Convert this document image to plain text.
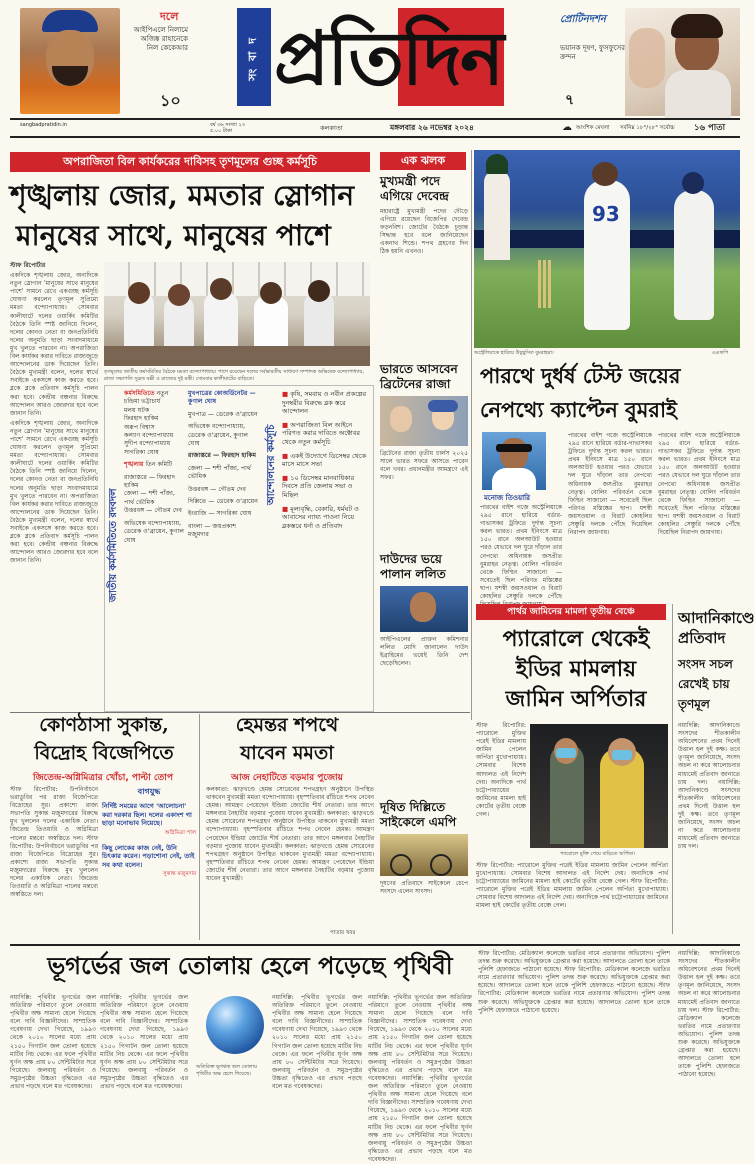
দলে
আইপিএলে নিলামে অজিঙ্ক রাহানেকে নিল কেকেআর
১০
সং বা দ প্রতিদিন	প্রোটিনদশন
ভয়ানক দূষণ, ফুসফুসের ক্রন্দন
৭
sangbadpratidin.in	বর্ষ ৩৬ সংখ্যা ২৩
৫.০০ টাকা	কলকাতা	মঙ্গলবার ২৬ নভেম্বর ২০২৪	☁ আংশিক মেঘলা সর্বনিম্ন ১৮°/২৮° সর্বোচ্চ ১৬ পাতা
অপরাজিতা বিল কার্যকরের দাবিসহ তৃণমূলের গুচ্ছ কর্মসূচি
শৃঙ্খলায় জোর, মমতার স্লোগান
মানুষের সাথে, মানুষের পাশে

স্টাফ রিপোর্টার

একদিকে শৃঙ্খলায় জোর, অন্যদিকে নতুন স্লোগান 'মানুষের সাথে মানুষের পাশে' সামনে রেখে একগুচ্ছ কর্মসূচি ঘোষণা করলেন তৃণমূল সুপ্রিমো মমতা বন্দ্যোপাধ্যায়। সোমবার কালীঘাটে দলের ওয়ার্কিং কমিটির বৈঠকে তিনি স্পষ্ট জানিয়ে দিলেন, দলের কোনও নেতা বা জনপ্রতিনিধি দলের অনুমতি ছাড়া সংবাদমাধ্যমে মুখ খুলতে পারবেন না। অপরাজিতা বিল কার্যকর করার দাবিতে রাজ্যজুড়ে আন্দোলনের ডাক দিয়েছেন তিনি। বৈঠকে মুখ্যমন্ত্রী বলেন, দলের স্বার্থে সবাইকে একসঙ্গে কাজ করতে হবে। ব্লকে ব্লকে প্রতিবাদ কর্মসূচি পালন করা হবে। কেন্দ্রীয় বঞ্চনার বিরুদ্ধে আন্দোলন আরও জোরদার হবে বলে জানান তিনি।

একদিকে শৃঙ্খলায় জোর, অন্যদিকে নতুন স্লোগান 'মানুষের সাথে মানুষের পাশে' সামনে রেখে একগুচ্ছ কর্মসূচি ঘোষণা করলেন তৃণমূল সুপ্রিমো মমতা বন্দ্যোপাধ্যায়। সোমবার কালীঘাটে দলের ওয়ার্কিং কমিটির বৈঠকে তিনি স্পষ্ট জানিয়ে দিলেন, দলের কোনও নেতা বা জনপ্রতিনিধি দলের অনুমতি ছাড়া সংবাদমাধ্যমে মুখ খুলতে পারবেন না। অপরাজিতা বিল কার্যকর করার দাবিতে রাজ্যজুড়ে আন্দোলনের ডাক দিয়েছেন তিনি। বৈঠকে মুখ্যমন্ত্রী বলেন, দলের স্বার্থে সবাইকে একসঙ্গে কাজ করতে হবে। ব্লকে ব্লকে প্রতিবাদ কর্মসূচি পালন করা হবে। কেন্দ্রীয় বঞ্চনার বিরুদ্ধে আন্দোলন আরও জোরদার হবে বলে জানান তিনি।

তৃণমূলের জাতীয় কর্মসমিতির বৈঠকে মমতা বন্দ্যোপাধ্যায়। পাশে রয়েছেন দলের সর্বভারতীয় সাধারণ সম্পাদক অভিষেক বন্দ্যোপাধ্যায়, রাজ্য সভাপতি সুব্রত বক্সী ও রাজ্যের দুই মন্ত্রী। সোমবার কালীঘাটের বাড়িতে।
জাতীয় কর্মসমিতিতে রদবদল
কর্মসমিতিতে নতুন
চন্দ্রিমা ভট্টাচার্য
মলয় ঘটক
ফিরহাদ হাকিম
অরূপ বিশ্বাস
কল্যাণ বন্দ্যোপাধ্যায়
সুদীপ বন্দ্যোপাধ্যায়
সাগরিকা ঘোষ
শৃঙ্খলায় তিন কমিটি
রাজ্যস্তরে — ফিরহাদ হাকিম
জেলা — শশী পাঁজা, পার্থ ভৌমিক
উত্তরবঙ্গ — গৌতম দেব
অভিষেক বন্দ্যোপাধ্যায়, ডেরেক ও'ব্রায়েন, কুণাল ঘোষ
মুখপাত্রের কোঅর্ডিনেটর — কুণাল ঘোষ
মুখপাত্র — ডেরেক ও'ব্রায়েন
অভিষেক বন্দ্যোপাধ্যায়, ডেরেক ও'ব্রায়েন, কুণাল ঘোষ
রাজ্যস্তরে — ফিরহাদ হাকিম
জেলা — শশী পাঁজা, পার্থ ভৌমিক
উত্তরবঙ্গ — গৌতম দেব
দিল্লিতে — ডেরেক ও'ব্রায়েন
ইংরাজি — সাগরিকা ঘোষ
বাংলা — জয়প্রকাশ মজুমদার
আন্দোলনের কর্মসূচি
■ কৃষি, সমবায় ও নবীন প্রকল্পের দুনম্বরীর বিরুদ্ধে ব্লক স্তরে আন্দোলন
■ অপরাজিতা বিল আইনে পরিণত করার দাবিতে অক্টোবর থেকে নতুন কর্মসূচি
■ একই উদ্যোগে ডিসেম্বর থেকে মাসে মাসে সভা
■ ১০ ডিসেম্বর মানবাধিকার দিবসে প্রতি জেলায় সভা ও মিছিল
■ মূল্যবৃদ্ধি, বেকারি, ধর্মঘট ও আবাসের ন্যায্য পাওনা নিয়ে ব্লকস্তরে ধর্না ও প্রতিবাদ
এক ঝলক
মুখ্যমন্ত্রী পদে এগিয়ে দেবেন্দ্র
মহারাষ্ট্রে মুখ্যমন্ত্রী পদের দৌড়ে এগিয়ে রয়েছেন বিজেপির দেবেন্দ্র ফড়নবিশ। জোটের বৈঠকে চূড়ান্ত সিদ্ধান্ত হবে বলে জানিয়েছেন একনাথ শিন্ডে। শপথ গ্রহণের দিন ঠিক হয়নি এখনও।
ভারতে আসবেন ব্রিটেনের রাজা
ব্রিটেনের রাজা তৃতীয় চার্লস ২০২৫ সালে ভারত সফরে আসতে পারেন বলে খবর। প্রধানমন্ত্রীর আমন্ত্রণে এই সফর।
দাউদের ভয়ে পালান ললিত
আইপিএলের প্রাক্তন কমিশনার ললিত মোদি জানালেন দাউদ ইব্রাহিমের ভয়েই তিনি দেশ ছেড়েছিলেন।
দূষিত দিল্লিতে সাইকেলে এমপি
দূষণের প্রতিবাদে সাইকেলে চেপে সংসদে এলেন সাংসদ।
93
অস্ট্রেলিয়াকে হারিয়ে উচ্ছ্বসিত বুমরাহরা।	এএফপি
পারথে দুর্ধর্ষ টেস্ট জয়ের
নেপথ্যে ক্যাপ্টেন বুমরাই
মনোজ তিওয়ারি
পারথের বাইশ গজে অস্ট্রেলিয়াকে ২৯৫ রানে হারিয়ে বর্ডার-গাভাসকর ট্রফিতে দুর্দান্ত সূচনা করল ভারত। প্রথম ইনিংসে মাত্র ১৫০ রানে অলআউট হওয়ার পরও যেভাবে দল ঘুরে দাঁড়াল তার নেপথ্যে অধিনায়ক জসপ্রীত বুমরাহর নেতৃত্ব। বোলিং পরিবর্তন থেকে ফিল্ডিং সাজানো — সবেতেই ছিল পরিণত মস্তিষ্কের ছাপ। যশস্বী জয়সওয়াল ও বিরাট কোহলির সেঞ্চুরি দলকে পৌঁছে
পারথের বাইশ গজে অস্ট্রেলিয়াকে ২৯৫ রানে হারিয়ে বর্ডার-গাভাসকর ট্রফিতে দুর্দান্ত সূচনা করল ভারত। প্রথম ইনিংসে মাত্র ১৫০ রানে অলআউট হওয়ার পরও যেভাবে দল ঘুরে দাঁড়াল তার নেপথ্যে অধিনায়ক জসপ্রীত বুমরাহর নেতৃত্ব। বোলিং পরিবর্তন থেকে ফিল্ডিং সাজানো — সবেতেই ছিল পরিণত মস্তিষ্কের ছাপ। যশস্বী জয়সওয়াল ও বিরাট কোহলির সেঞ্চুরি দলকে পৌঁছে দিয়েছিল নিরাপদ জায়গায়।
পারথের বাইশ গজে অস্ট্রেলিয়াকে ২৯৫ রানে হারিয়ে বর্ডার-গাভাসকর ট্রফিতে দুর্দান্ত সূচনা করল ভারত। প্রথম ইনিংসে মাত্র ১৫০ রানে অলআউট হওয়ার পরও যেভাবে দল ঘুরে দাঁড়াল তার নেপথ্যে অধিনায়ক জসপ্রীত বুমরাহর নেতৃত্ব। বোলিং পরিবর্তন থেকে ফিল্ডিং সাজানো — সবেতেই ছিল পরিণত মস্তিষ্কের ছাপ। যশস্বী জয়সওয়াল ও বিরাট কোহলির সেঞ্চুরি দলকে পৌঁছে দিয়েছিল নিরাপদ জায়গায়।
পার্থর জামিনের মামলা তৃতীয় বেঞ্চে
প্যারোলে থেকেই
ইডির মামলায়
জামিন অর্পিতার
স্টাফ রিপোর্টার: প্যারোলে মুক্তির পরেই ইডির মামলায় জামিন পেলেন অর্পিতা মুখোপাধ্যায়। সোমবার বিশেষ আদালত এই নির্দেশ দেয়। অন্যদিকে পার্থ চট্টোপাধ্যায়ের জামিনের মামলা হাই কোর্টের তৃতীয় বেঞ্চে গেল।
প্যারোলে মুক্তি পেয়ে বাড়িতে অর্পিতা।
স্টাফ রিপোর্টার: প্যারোলে মুক্তির পরেই ইডির মামলায় জামিন পেলেন অর্পিতা মুখোপাধ্যায়। সোমবার বিশেষ আদালত এই নির্দেশ দেয়। অন্যদিকে পার্থ চট্টোপাধ্যায়ের জামিনের মামলা হাই কোর্টের তৃতীয় বেঞ্চে গেল। স্টাফ রিপোর্টার: প্যারোলে মুক্তির পরেই ইডির মামলায় জামিন পেলেন অর্পিতা মুখোপাধ্যায়। সোমবার বিশেষ আদালত এই নির্দেশ দেয়। অন্যদিকে পার্থ চট্টোপাধ্যায়ের জামিনের মামলা হাই কোর্টের তৃতীয় বেঞ্চে গেল।
আদানিকাণ্ডে প্রতিবাদ
সংসদ সচল
রেখেই চায়
তৃণমূল
নয়াদিল্লি: আদানিকাণ্ডে সংসদের শীতকালীন অধিবেশনের প্রথম দিনেই উত্তাল হল দুই কক্ষ। তবে তৃণমূল জানিয়েছে, সংসদ অচল না করে আলোচনার মাধ্যমেই প্রতিবাদ জানাতে চায় দল। নয়াদিল্লি: আদানিকাণ্ডে সংসদের শীতকালীন অধিবেশনের প্রথম দিনেই উত্তাল হল দুই কক্ষ। তবে তৃণমূল জানিয়েছে, সংসদ অচল না করে আলোচনার মাধ্যমেই প্রতিবাদ জানাতে চায় দল।
কোণঠাসা সুকান্ত,
বিদ্রোহ বিজেপিতে
জিতেন্দ্র-অগ্নিমিত্রার খোঁচা, পাল্টা তোপ
স্টাফ রিপোর্টার: উপনির্বাচনে ভরাডুবির পর রাজ্য বিজেপিতে বিদ্রোহের সুর। প্রকাশ্যে রাজ্য সভাপতি সুকান্ত মজুমদারের বিরুদ্ধে মুখ খুললেন দলের একাধিক নেতা। জিতেন্দ্র তিওয়ারি ও অগ্নিমিত্রা পালের মন্তব্যে অস্বস্তিতে দল। স্টাফ রিপোর্টার: উপনির্বাচনে ভরাডুবির পর রাজ্য বিজেপিতে বিদ্রোহের সুর। প্রকাশ্যে রাজ্য সভাপতি সুকান্ত মজুমদারের বিরুদ্ধে মুখ খুললেন দলের একাধিক নেতা। জিতেন্দ্র তিওয়ারি ও অগ্নিমিত্রা পালের মন্তব্যে অস্বস্তিতে দল।
বাগযুদ্ধ
নির্দিষ্ট সময়ের আগে 'আলোচনা' করা দরকার ছিল। দলের একাংশ গা ছাড়া মনোভাব নিয়েছে।
অগ্নিমিত্রা পাল
কিছু লোকের কাজ নেই, উনি চিৎকার করেন। পড়াশোনা নেই, তাই সব কথা বলেন।
সুকান্ত মজুমদার
হেমন্তর শপথে
যাবেন মমতা
আজ নেহাটিতে বড়মার পুজোয়
কলকাতা: ঝাড়খণ্ডে হেমন্ত সোরেনের শপথগ্রহণ অনুষ্ঠানে উপস্থিত থাকবেন মুখ্যমন্ত্রী মমতা বন্দ্যোপাধ্যায়। বৃহস্পতিবার রাঁচিতে শপথ নেবেন হেমন্ত। আমন্ত্রণ পেয়েছেন ইন্ডিয়া জোটের শীর্ষ নেতারা। তার আগে মঙ্গলবার নৈহাটির বড়মার পুজোয় যাবেন মুখ্যমন্ত্রী। কলকাতা: ঝাড়খণ্ডে হেমন্ত সোরেনের শপথগ্রহণ অনুষ্ঠানে উপস্থিত থাকবেন মুখ্যমন্ত্রী মমতা বন্দ্যোপাধ্যায়। বৃহস্পতিবার রাঁচিতে শপথ নেবেন হেমন্ত। আমন্ত্রণ পেয়েছেন ইন্ডিয়া জোটের শীর্ষ নেতারা। তার আগে মঙ্গলবার নৈহাটির বড়মার পুজোয় যাবেন মুখ্যমন্ত্রী। কলকাতা: ঝাড়খণ্ডে হেমন্ত সোরেনের শপথগ্রহণ অনুষ্ঠানে উপস্থিত থাকবেন মুখ্যমন্ত্রী মমতা বন্দ্যোপাধ্যায়। বৃহস্পতিবার রাঁচিতে শপথ নেবেন হেমন্ত। আমন্ত্রণ পেয়েছেন ইন্ডিয়া জোটের শীর্ষ নেতারা। তার আগে মঙ্গলবার নৈহাটির বড়মার পুজোয় যাবেন মুখ্যমন্ত্রী।
পাতার খবর
ভূগর্ভের জল তোলায় হেলে পড়েছে পৃথিবী
নয়াদিল্লি: পৃথিবীর ভূগর্ভের জল অতিরিক্ত পরিমাণে তুলে নেওয়ায় পৃথিবীর অক্ষ সামান্য হেলে গিয়েছে বলে দাবি বিজ্ঞানীদের। সাম্প্রতিক গবেষণায় দেখা গিয়েছে, ১৯৯৩ থেকে ২০১০ সালের মধ্যে প্রায় ২১৫০ গিগাটন জল তোলা হয়েছে মাটির নিচ থেকে। এর ফলে পৃথিবীর ঘূর্ণন অক্ষ প্রায় ৮০ সেন্টিমিটার সরে গিয়েছে। জলবায়ু পরিবর্তন ও সমুদ্রপৃষ্ঠের উচ্চতা বৃদ্ধিতেও এর প্রভাব পড়ছে বলে মত গবেষকদের।
নয়াদিল্লি: পৃথিবীর ভূগর্ভের জল অতিরিক্ত পরিমাণে তুলে নেওয়ায় পৃথিবীর অক্ষ সামান্য হেলে গিয়েছে বলে দাবি বিজ্ঞানীদের। সাম্প্রতিক গবেষণায় দেখা গিয়েছে, ১৯৯৩ থেকে ২০১০ সালের মধ্যে প্রায় ২১৫০ গিগাটন জল তোলা হয়েছে মাটির নিচ থেকে। এর ফলে পৃথিবীর ঘূর্ণন অক্ষ প্রায় ৮০ সেন্টিমিটার সরে গিয়েছে। জলবায়ু পরিবর্তন ও সমুদ্রপৃষ্ঠের উচ্চতা বৃদ্ধিতেও এর প্রভাব পড়ছে বলে মত গবেষকদের।
অতিরিক্ত ভূগর্ভস্থ জল তোলায় পৃথিবীর অক্ষ হেলে গিয়েছে।
নয়াদিল্লি: পৃথিবীর ভূগর্ভের জল অতিরিক্ত পরিমাণে তুলে নেওয়ায় পৃথিবীর অক্ষ সামান্য হেলে গিয়েছে বলে দাবি বিজ্ঞানীদের। সাম্প্রতিক গবেষণায় দেখা গিয়েছে, ১৯৯৩ থেকে ২০১০ সালের মধ্যে প্রায় ২১৫০ গিগাটন জল তোলা হয়েছে মাটির নিচ থেকে। এর ফলে পৃথিবীর ঘূর্ণন অক্ষ প্রায় ৮০ সেন্টিমিটার সরে গিয়েছে। জলবায়ু পরিবর্তন ও সমুদ্রপৃষ্ঠের উচ্চতা বৃদ্ধিতেও এর প্রভাব পড়ছে বলে মত গবেষকদের।
নয়াদিল্লি: পৃথিবীর ভূগর্ভের জল অতিরিক্ত পরিমাণে তুলে নেওয়ায় পৃথিবীর অক্ষ সামান্য হেলে গিয়েছে বলে দাবি বিজ্ঞানীদের। সাম্প্রতিক গবেষণায় দেখা গিয়েছে, ১৯৯৩ থেকে ২০১০ সালের মধ্যে প্রায় ২১৫০ গিগাটন জল তোলা হয়েছে মাটির নিচ থেকে। এর ফলে পৃথিবীর ঘূর্ণন অক্ষ প্রায় ৮০ সেন্টিমিটার সরে গিয়েছে। জলবায়ু পরিবর্তন ও সমুদ্রপৃষ্ঠের উচ্চতা বৃদ্ধিতেও এর প্রভাব পড়ছে বলে মত গবেষকদের। নয়াদিল্লি: পৃথিবীর ভূগর্ভের জল অতিরিক্ত পরিমাণে তুলে নেওয়ায় পৃথিবীর অক্ষ সামান্য হেলে গিয়েছে বলে দাবি বিজ্ঞানীদের। সাম্প্রতিক গবেষণায় দেখা গিয়েছে, ১৯৯৩ থেকে ২০১০ সালের মধ্যে প্রায় ২১৫০ গিগাটন জল তোলা হয়েছে মাটির নিচ থেকে। এর ফলে পৃথিবীর ঘূর্ণন অক্ষ প্রায় ৮০ সেন্টিমিটার সরে গিয়েছে। জলবায়ু পরিবর্তন ও সমুদ্রপৃষ্ঠের উচ্চতা বৃদ্ধিতেও এর প্রভাব পড়ছে বলে মত গবেষকদের।
স্টাফ রিপোর্টার: মেডিক্যাল কলেজে ভরতির নামে প্রতারণার অভিযোগ। পুলিশ তদন্ত শুরু করেছে। অভিযুক্তকে গ্রেপ্তার করা হয়েছে। আদালতে তোলা হলে তাকে পুলিশি হেফাজতে পাঠানো হয়েছে। স্টাফ রিপোর্টার: মেডিক্যাল কলেজে ভরতির নামে প্রতারণার অভিযোগ। পুলিশ তদন্ত শুরু করেছে। অভিযুক্তকে গ্রেপ্তার করা হয়েছে। আদালতে তোলা হলে তাকে পুলিশি হেফাজতে পাঠানো হয়েছে। স্টাফ রিপোর্টার: মেডিক্যাল কলেজে ভরতির নামে প্রতারণার অভিযোগ। পুলিশ তদন্ত শুরু করেছে। অভিযুক্তকে গ্রেপ্তার করা হয়েছে। আদালতে তোলা হলে তাকে পুলিশি হেফাজতে পাঠানো হয়েছে।
নয়াদিল্লি: আদানিকাণ্ডে সংসদের শীতকালীন অধিবেশনের প্রথম দিনেই উত্তাল হল দুই কক্ষ। তবে তৃণমূল জানিয়েছে, সংসদ অচল না করে আলোচনার মাধ্যমেই প্রতিবাদ জানাতে চায় দল। স্টাফ রিপোর্টার: মেডিক্যাল কলেজে ভরতির নামে প্রতারণার অভিযোগ। পুলিশ তদন্ত শুরু করেছে। অভিযুক্তকে গ্রেপ্তার করা হয়েছে। আদালতে তোলা হলে তাকে পুলিশি হেফাজতে পাঠানো হয়েছে।
